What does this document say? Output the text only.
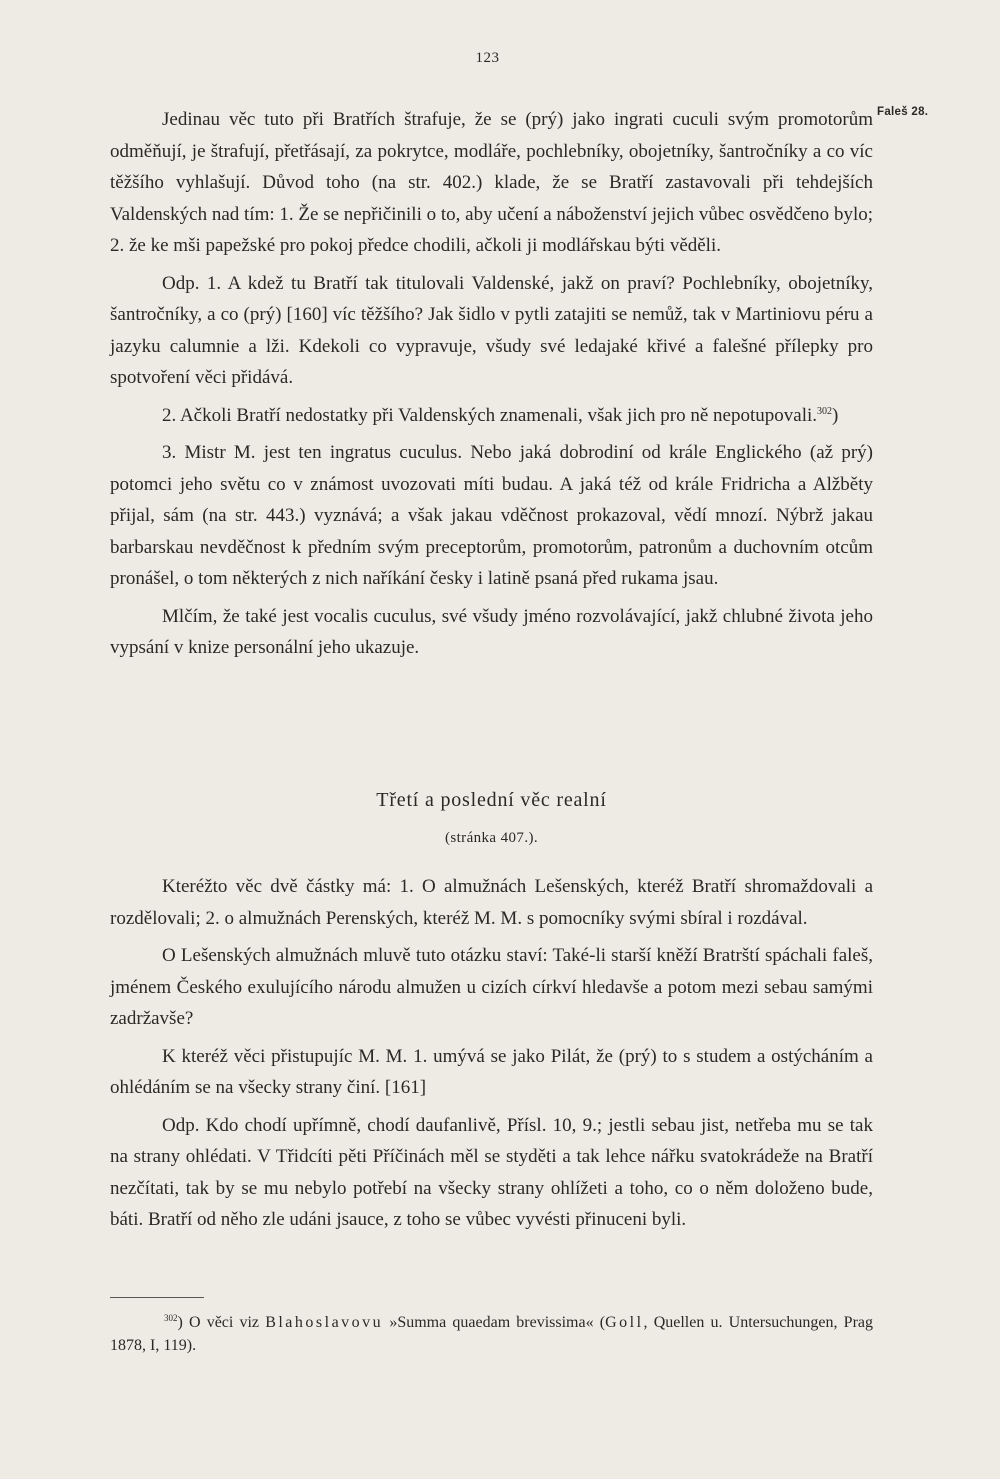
123
Faleš 28.

Jedinau věc tuto při Bratřích štrafuje, že se (prý) jako ingrati cuculi svým promotorům odměňují, je štrafují, přetřásají, za pokrytce, modláře, pochlebníky, obojetníky, šantročníky a co víc těžšího vyhlašují. Důvod toho (na str. 402.) klade, že se Bratří zastavovali při tehdejších Valdenských nad tím: 1. Že se nepřičinili o to, aby učení a náboženství jejich vůbec osvědčeno bylo; 2. že ke mši papežské pro pokoj předce chodili, ačkoli ji modlářskau býti věděli.

Odp. 1. A kdež tu Bratří tak titulovali Valdenské, jakž on praví? Pochlebníky, obojetníky, šantročníky, a co (prý) [160] víc těžšího? Jak šidlo v pytli zatajiti se nemůž, tak v Martiniovu péru a jazyku calumnie a lži. Kdekoli co vypravuje, všudy své ledajaké křivé a falešné přílepky pro spotvoření věci přidává.

2. Ačkoli Bratří nedostatky při Valdenských znamenali, však jich pro ně nepotupovali.$^{302}$)

3. Mistr M. jest ten ingratus cuculus. Nebo jaká dobrodiní od krále Englického (až prý) potomci jeho světu co v známost uvozovati míti budau. A jaká též od krále Fridricha a Alžběty přijal, sám (na str. 443.) vyznává; a však jakau vděčnost prokazoval, vědí mnozí. Nýbrž jakau barbarskau nevděčnost k předním svým preceptorům, promotorům, patronům a duchovním otcům pronášel, o tom některých z nich naříkání česky i latině psaná před rukama jsau.

Mlčím, že také jest vocalis cuculus, své všudy jméno rozvolávající, jakž chlubné života jeho vypsání v knize personální jeho ukazuje.

Třetí a poslední věc realní
(stránka 407.).

Kteréžto věc dvě částky má: 1. O almužnách Lešenských, kteréž Bratří shromaždovali a rozdělovali; 2. o almužnách Perenských, kteréž M. M. s pomocníky svými sbíral i rozdával.

O Lešenských almužnách mluvě tuto otázku staví: Také-li starší kněží Bratrští spáchali faleš, jménem Českého exulujícího národu almužen u cizích církví hledavše a potom mezi sebau samými zadržavše?

K kteréž věci přistupujíc M. M. 1. umývá se jako Pilát, že (prý) to s studem a ostýcháním a ohlédáním se na všecky strany činí. [161]

Odp. Kdo chodí upřímně, chodí daufanlivě, Přísl. 10, 9.; jestli sebau jist, netřeba mu se tak na strany ohlédati. V Třidcíti pěti Příčinách měl se styděti a tak lehce nářku svatokrádeže na Bratří nezčítati, tak by se mu nebylo potřebí na všecky strany ohlížeti a toho, co o něm doloženo bude, báti. Bratří od něho zle udáni jsauce, z toho se vůbec vyvésti přinuceni byli.

$^{302}$) O věci viz Blahoslavovu »Summa quaedam brevissima« (Goll, Quellen u. Untersuchungen, Prag 1878, I, 119).
